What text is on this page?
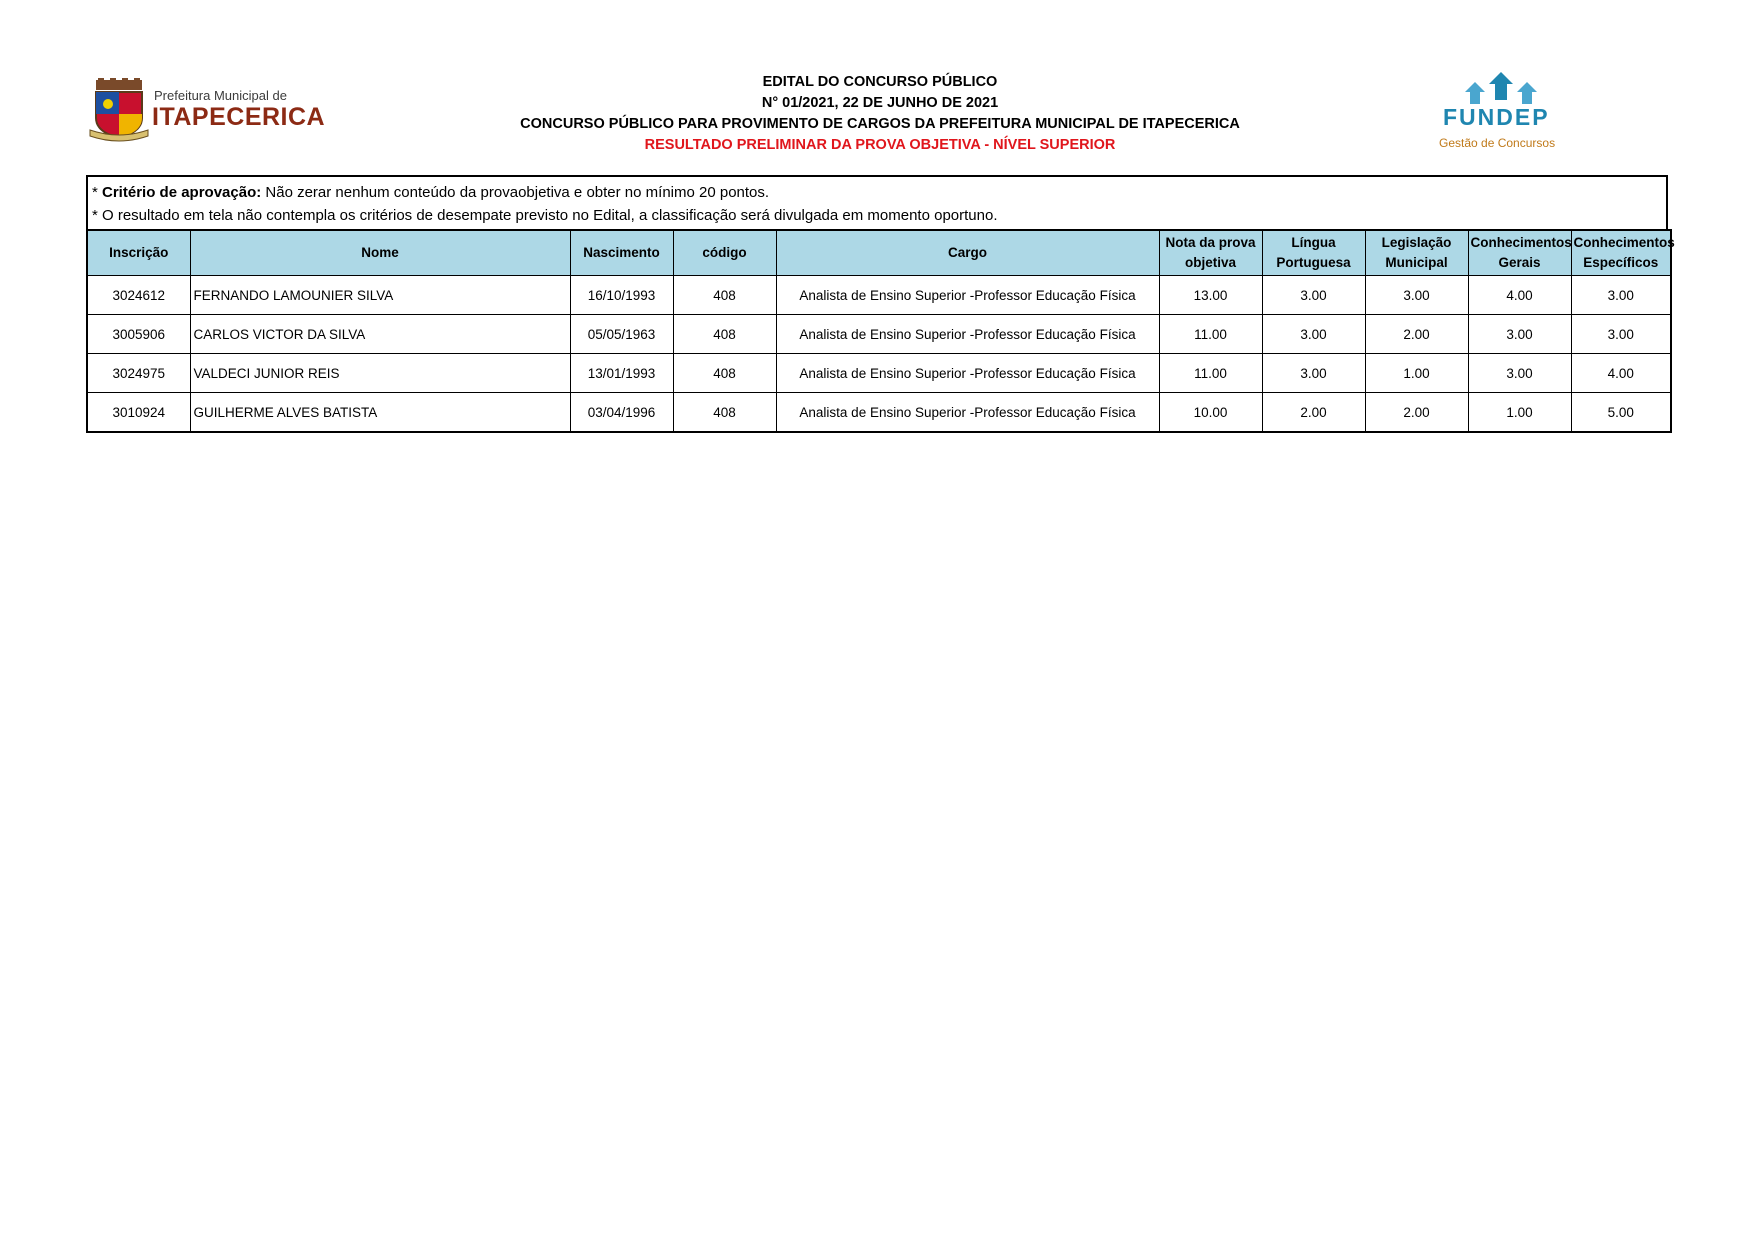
Prefeitura Municipal de
ITAPECERICA
EDITAL DO CONCURSO PÚBLICO
N° 01/2021, 22 DE JUNHO DE 2021
CONCURSO PÚBLICO PARA PROVIMENTO DE CARGOS DA PREFEITURA MUNICIPAL DE ITAPECERICA
RESULTADO PRELIMINAR DA PROVA OBJETIVA - NÍVEL SUPERIOR
FUNDEP
Gestão de Concursos
* Critério de aprovação: Não zerar nenhum conteúdo da provaobjetiva e obter no mínimo 20 pontos.
* O resultado em tela não contempla os critérios de desempate previsto no Edital, a classificação será divulgada em momento oportuno.
Inscrição	Nome	Nascimento	código	Cargo	Nota da prova objetiva	Língua Portuguesa	Legislação Municipal	Conhecimentos Gerais	Conhecimentos Específicos
3024612	FERNANDO LAMOUNIER SILVA	16/10/1993	408	Analista de Ensino Superior -Professor Educação Física	13.00	3.00	3.00	4.00	3.00
3005906	CARLOS VICTOR DA SILVA	05/05/1963	408	Analista de Ensino Superior -Professor Educação Física	11.00	3.00	2.00	3.00	3.00
3024975	VALDECI JUNIOR REIS	13/01/1993	408	Analista de Ensino Superior -Professor Educação Física	11.00	3.00	1.00	3.00	4.00
3010924	GUILHERME ALVES BATISTA	03/04/1996	408	Analista de Ensino Superior -Professor Educação Física	10.00	2.00	2.00	1.00	5.00
